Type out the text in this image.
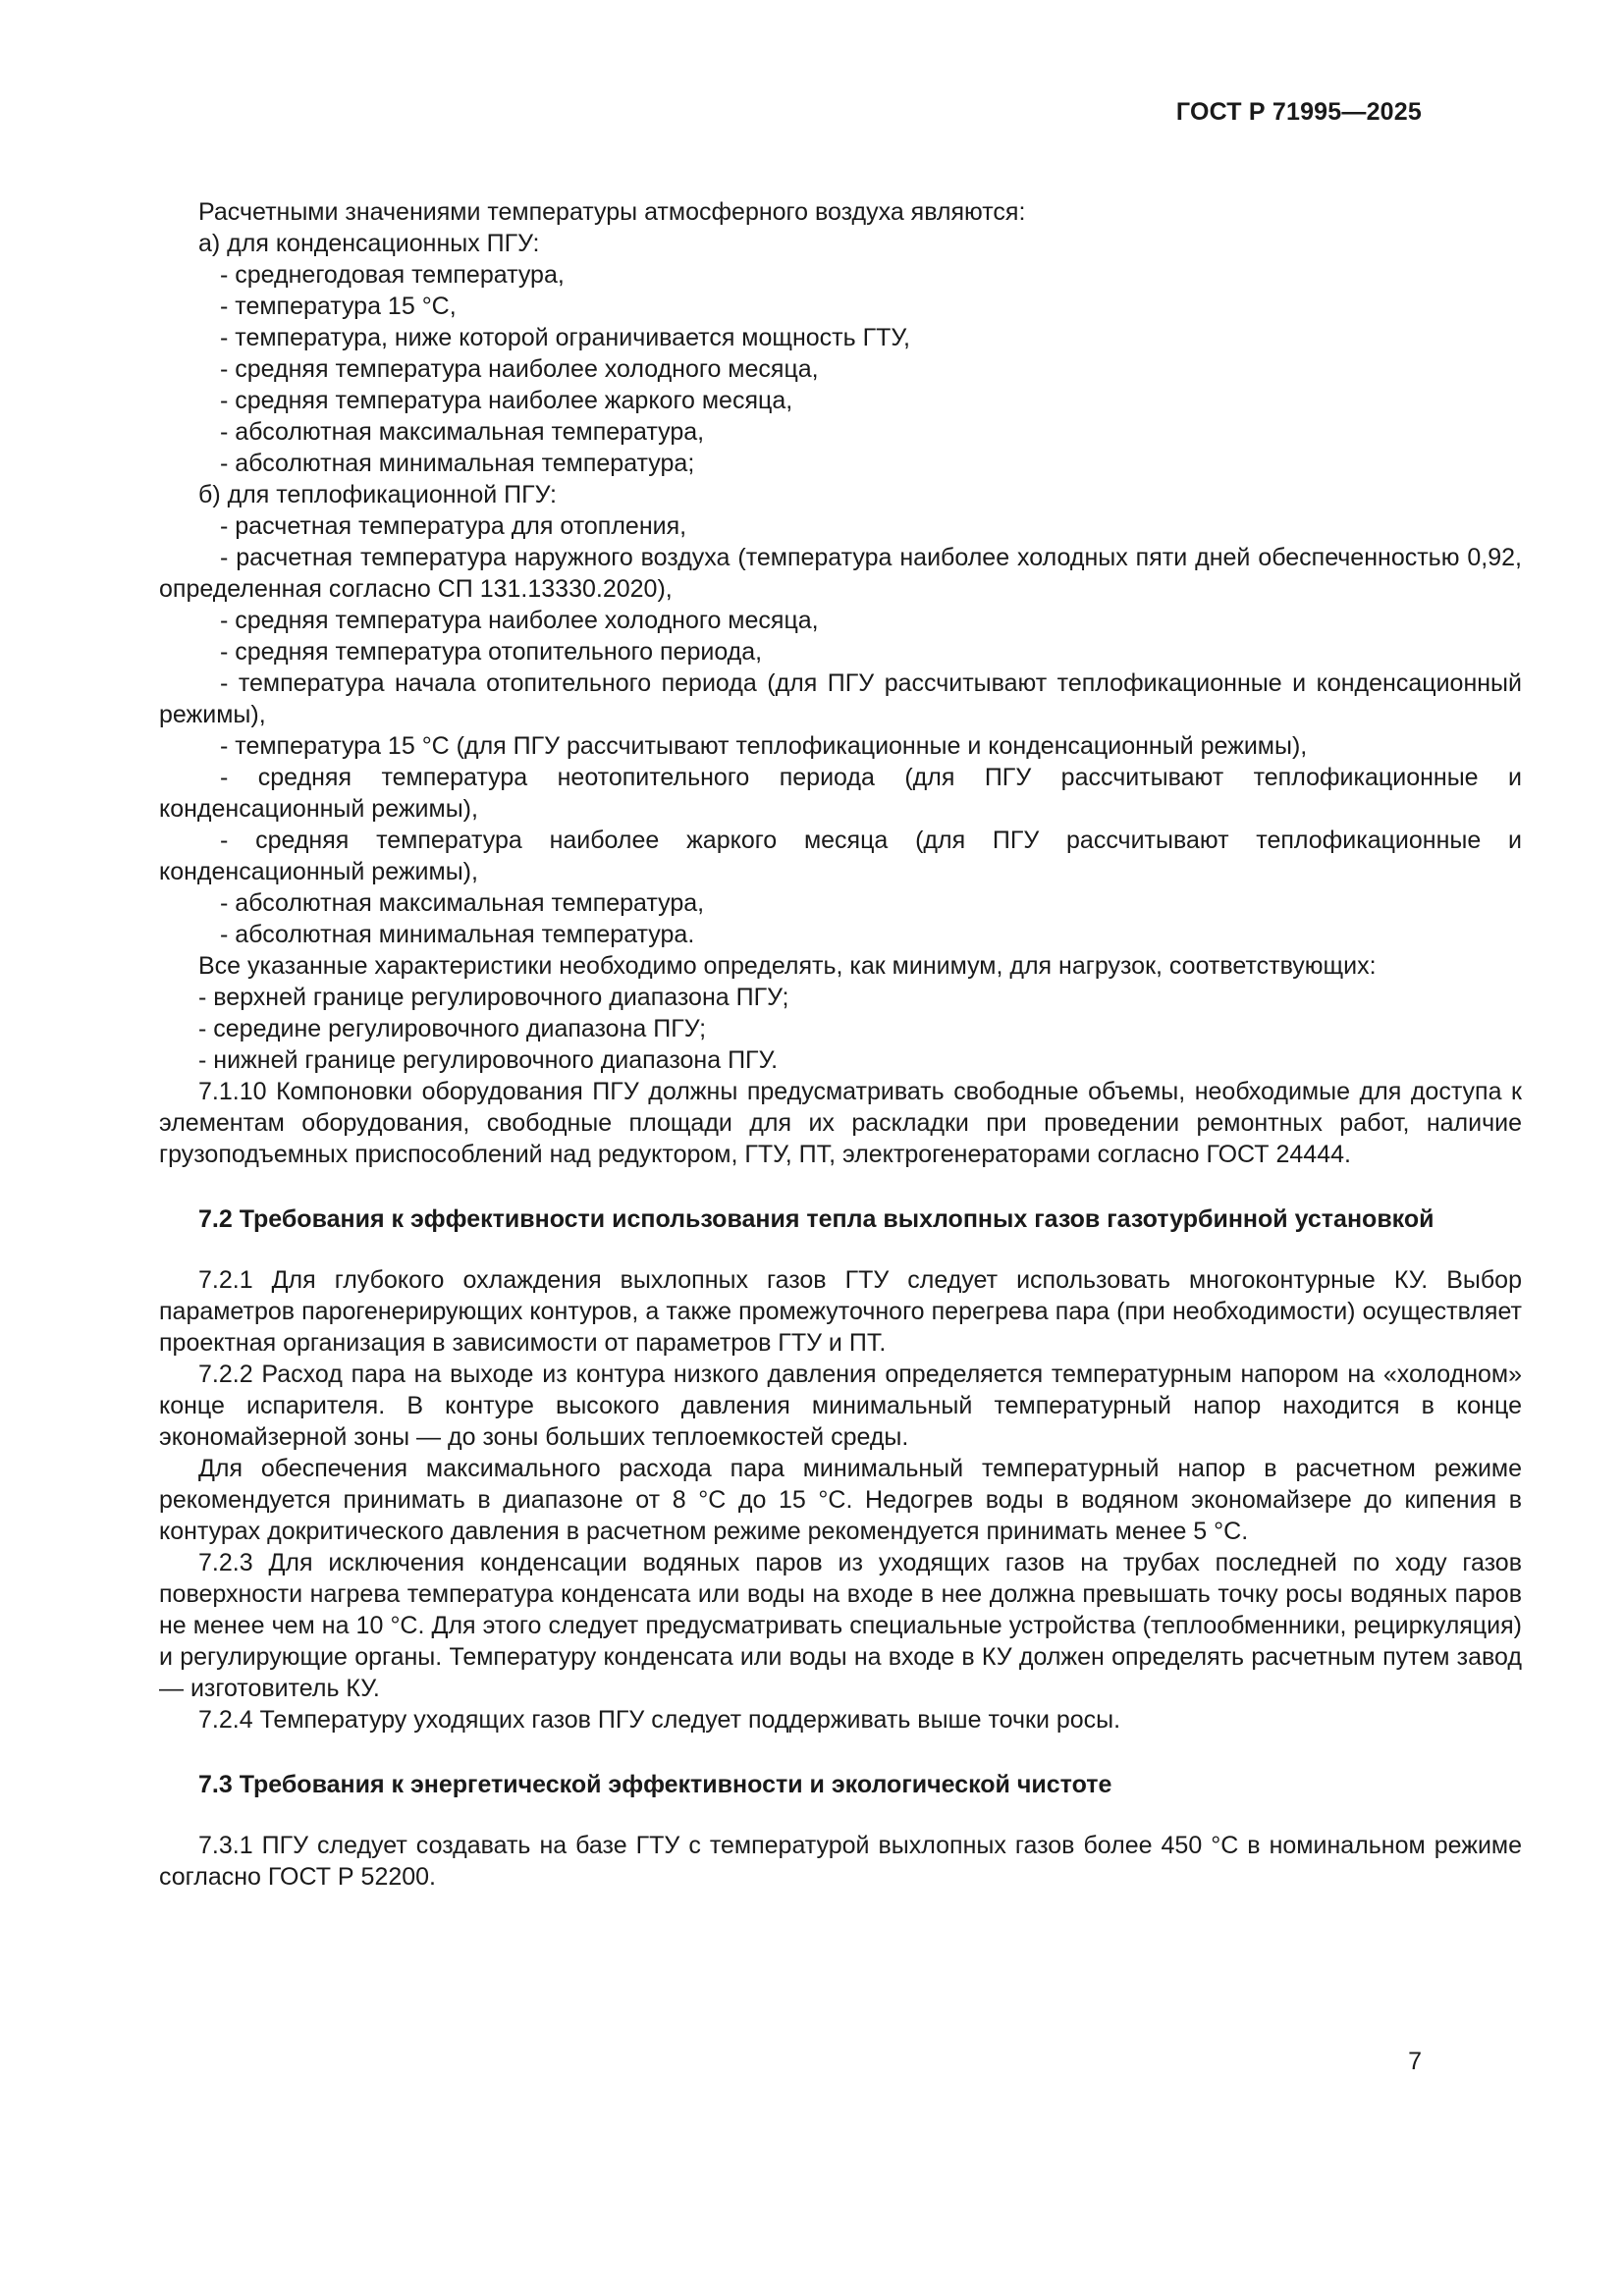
ГОСТ Р 71995—2025

Расчетными значениями температуры атмосферного воздуха являются:

а) для конденсационных ПГУ:

- среднегодовая температура,

- температура 15 °С,

- температура, ниже которой ограничивается мощность ГТУ,

- средняя температура наиболее холодного месяца,

- средняя температура наиболее жаркого месяца,

- абсолютная максимальная температура,

- абсолютная минимальная температура;

б) для теплофикационной ПГУ:

- расчетная температура для отопления,

- расчетная температура наружного воздуха (температура наиболее холодных пяти дней обеспеченностью 0,92, определенная согласно СП 131.13330.2020),

- средняя температура наиболее холодного месяца,

- средняя температура отопительного периода,

- температура начала отопительного периода (для ПГУ рассчитывают теплофикационные и конденсационный режимы),

- температура 15 °С (для ПГУ рассчитывают теплофикационные и конденсационный режимы),

- средняя температура неотопительного периода (для ПГУ рассчитывают теплофикационные и конденсационный режимы),

- средняя температура наиболее жаркого месяца (для ПГУ рассчитывают теплофикационные и конденсационный режимы),

- абсолютная максимальная температура,

- абсолютная минимальная температура.

Все указанные характеристики необходимо определять, как минимум, для нагрузок, соответствующих:

- верхней границе регулировочного диапазона ПГУ;

- середине регулировочного диапазона ПГУ;

- нижней границе регулировочного диапазона ПГУ.

7.1.10 Компоновки оборудования ПГУ должны предусматривать свободные объемы, необходимые для доступа к элементам оборудования, свободные площади для их раскладки при проведении ремонтных работ, наличие грузоподъемных приспособлений над редуктором, ГТУ, ПТ, электрогенераторами согласно ГОСТ 24444.

7.2 Требования к эффективности использования тепла выхлопных газов газотурбинной установкой

7.2.1 Для глубокого охлаждения выхлопных газов ГТУ следует использовать многоконтурные КУ. Выбор параметров парогенерирующих контуров, а также промежуточного перегрева пара (при необходимости) осуществляет проектная организация в зависимости от параметров ГТУ и ПТ.

7.2.2 Расход пара на выходе из контура низкого давления определяется температурным напором на «холодном» конце испарителя. В контуре высокого давления минимальный температурный напор находится в конце экономайзерной зоны — до зоны больших теплоемкостей среды.

Для обеспечения максимального расхода пара минимальный температурный напор в расчетном режиме рекомендуется принимать в диапазоне от 8 °С до 15 °С. Недогрев воды в водяном экономайзере до кипения в контурах докритического давления в расчетном режиме рекомендуется принимать менее 5 °С.

7.2.3 Для исключения конденсации водяных паров из уходящих газов на трубах последней по ходу газов поверхности нагрева температура конденсата или воды на входе в нее должна превышать точку росы водяных паров не менее чем на 10 °С. Для этого следует предусматривать специальные устройства (теплообменники, рециркуляция) и регулирующие органы. Температуру конденсата или воды на входе в КУ должен определять расчетным путем завод — изготовитель КУ.

7.2.4 Температуру уходящих газов ПГУ следует поддерживать выше точки росы.

7.3 Требования к энергетической эффективности и экологической чистоте

7.3.1 ПГУ следует создавать на базе ГТУ с температурой выхлопных газов более 450 °С в номинальном режиме согласно ГОСТ Р 52200.

7
